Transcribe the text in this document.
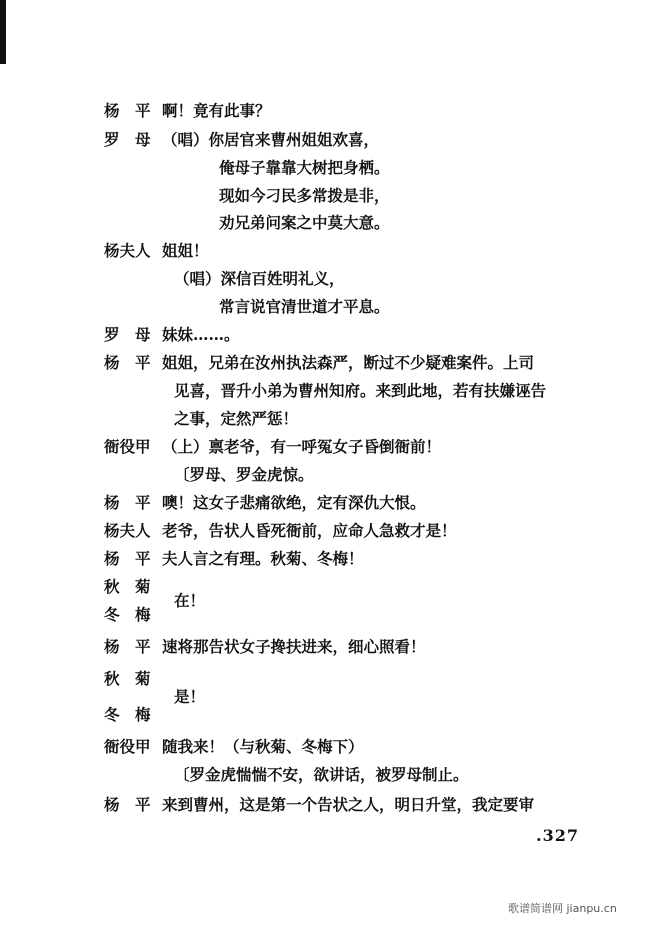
杨　平 啊！竟有此事？
罗　母 （唱）你居官来曹州姐姐欢喜，
俺母子靠靠大树把身栖。
现如今刁民多常拨是非，
劝兄弟问案之中莫大意。
杨夫人 姐姐！
（唱）深信百姓明礼义，
常言说官清世道才平息。
罗　母 妹妹……。
杨　平 姐姐，兄弟在汝州执法森严，断过不少疑难案件。上司
见喜，晋升小弟为曹州知府。来到此地，若有扶嫌诬告
之事，定然严惩！
衙役甲 （上）禀老爷，有一呼冤女子昏倒衙前！
〔罗母、罗金虎惊。
杨　平 噢！这女子悲痛欲绝，定有深仇大恨。
杨夫人 老爷，告状人昏死衙前，应命人急救才是！
杨　平 夫人言之有理。秋菊、冬梅！
秋　菊
在！
冬　梅
杨　平 速将那告状女子搀扶进来，细心照看！
秋　菊
是！
冬　梅
衙役甲 随我来！（与秋菊、冬梅下）
〔罗金虎惴惴不安，欲讲话，被罗母制止。
杨　平 来到曹州，这是第一个告状之人，明日升堂，我定要审
.327
歌谱简谱网 jianpu.cn
